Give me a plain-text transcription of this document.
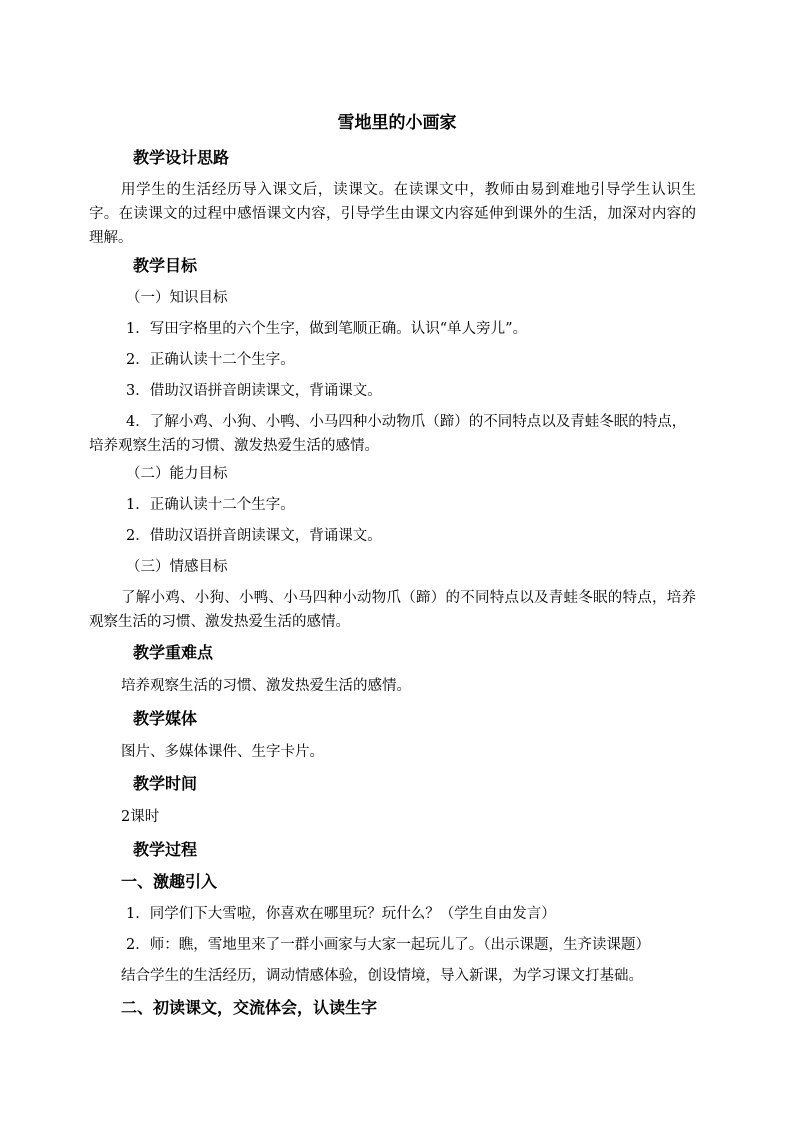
雪地里的小画家
教学设计思路
用学生的生活经历导入课文后，读课文。在读课文中，教师由易到难地引导学生认识生字。在读课文的过程中感悟课文内容，引导学生由课文内容延伸到课外的生活，加深对内容的理解。
教学目标
（一）知识目标
1．写田字格里的六个生字，做到笔顺正确。认识“单人旁儿”。
2．正确认读十二个生字。
3．借助汉语拼音朗读课文，背诵课文。
4．了解小鸡、小狗、小鸭、小马四种小动物爪（蹄）的不同特点以及青蛙冬眠的特点，培养观察生活的习惯、激发热爱生活的感情。
（二）能力目标
1．正确认读十二个生字。
2．借助汉语拼音朗读课文，背诵课文。
（三）情感目标
了解小鸡、小狗、小鸭、小马四种小动物爪（蹄）的不同特点以及青蛙冬眠的特点，培养观察生活的习惯、激发热爱生活的感情。
教学重难点
培养观察生活的习惯、激发热爱生活的感情。
教学媒体
图片、多媒体课件、生字卡片。
教学时间
2课时
教学过程
一、激趣引入
1．同学们下大雪啦，你喜欢在哪里玩？玩什么？（学生自由发言）
2．师：瞧，雪地里来了一群小画家与大家一起玩儿了。（出示课题，生齐读课题）
结合学生的生活经历，调动情感体验，创设情境，导入新课，为学习课文打基础。
二、初读课文，交流体会，认读生字
